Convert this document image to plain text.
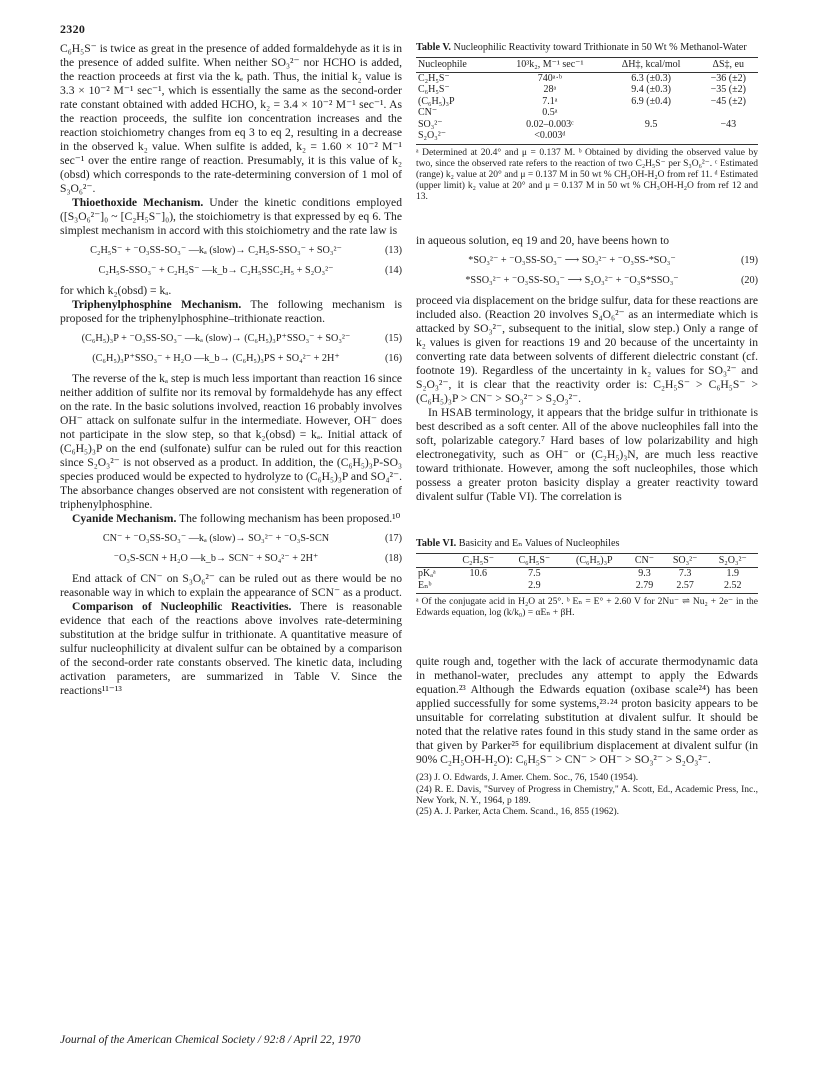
2320

C₆H₅S⁻ is twice as great in the presence of added formaldehyde as it is in the presence of added sulfite. When neither SO₃²⁻ nor HCHO is added, the reaction proceeds at first via the kₑ path. Thus, the initial k₂ value is 3.3 × 10⁻² M⁻¹ sec⁻¹, which is essentially the same as the second-order rate constant obtained with added HCHO, k₂ = 3.4 × 10⁻² M⁻¹ sec⁻¹. As the reaction proceeds, the sulfite ion concentration increases and the reaction stoichiometry changes from eq 3 to eq 2, resulting in a decrease in the observed k₂ value. When sulfite is added, k₂ = 1.60 × 10⁻² M⁻¹ sec⁻¹ over the entire range of reaction. Presumably, it is this value of k₂ (obsd) which corresponds to the rate-determining conversion of 1 mol of S₃O₆²⁻.

Thioethoxide Mechanism. Under the kinetic conditions employed ([S₃O₆²⁻]₀ ~ [C₂H₅S⁻]₀), the stoichiometry is that expressed by eq 6. The simplest mechanism in accord with this stoichiometry and the rate law is

C₂H₅S⁻ + ⁻O₃SS-SO₃⁻ —kₐ (slow)→ C₂H₅S-SSO₃⁻ + SO₃²⁻	(13)
C₂H₅S-SSO₃⁻ + C₂H₅S⁻ —k_b→ C₂H₅SSC₂H₅ + S₂O₃²⁻	(14)

for which k₂(obsd) = kₐ.

Triphenylphosphine Mechanism. The following mechanism is proposed for the triphenylphosphine–trithionate reaction.

(C₆H₅)₃P + ⁻O₃SS-SO₃⁻ —kₐ (slow)→ (C₆H₅)₃P⁺SSO₃⁻ + SO₃²⁻	(15)
(C₆H₅)₃P⁺SSO₃⁻ + H₂O —k_b→ (C₆H₅)₃PS + SO₄²⁻ + 2H⁺	(16)

The reverse of the kₐ step is much less important than reaction 16 since neither addition of sulfite nor its removal by formaldehyde has any effect on the rate. In the basic solutions involved, reaction 16 probably involves OH⁻ attack on sulfonate sulfur in the intermediate. However, OH⁻ does not participate in the slow step, so that k₂(obsd) = kₐ. Initial attack of (C₆H₅)₃P on the end (sulfonate) sulfur can be ruled out for this reaction since S₂O₃²⁻ is not observed as a product. In addition, the (C₆H₅)₃P-SO₃ species produced would be expected to hydrolyze to (C₆H₅)₃P and SO₄²⁻. The absorbance changes observed are not consistent with regeneration of triphenylphosphine.

Cyanide Mechanism. The following mechanism has been proposed.¹⁰

CN⁻ + ⁻O₃SS-SO₃⁻ —kₐ (slow)→ SO₃²⁻ + ⁻O₃S-SCN	(17)
⁻O₃S-SCN + H₂O —k_b→ SCN⁻ + SO₄²⁻ + 2H⁺	(18)

End attack of CN⁻ on S₃O₆²⁻ can be ruled out as there would be no reasonable way in which to explain the appearance of SCN⁻ as a product.

Comparison of Nucleophilic Reactivities. There is reasonable evidence that each of the reactions above involves rate-determining substitution at the bridge sulfur in trithionate. A quantitative measure of sulfur nucleophilicity at divalent sulfur can be obtained by a comparison of the second-order rate constants observed. The kinetic data, including activation parameters, are summarized in Table V. Since the reactions¹¹⁻¹³

Table V. Nucleophilic Reactivity toward Trithionate in 50 Wt % Methanol-Water
Nucleophile	10³k₂, M⁻¹ sec⁻¹	ΔH‡, kcal/mol	ΔS‡, eu
C₂H₅S⁻	740ᵃ·ᵇ	6.3 (±0.3)	−36 (±2)
C₆H₅S⁻	28ᵃ	9.4 (±0.3)	−35 (±2)
(C₆H₅)₃P	7.1ᵃ	6.9 (±0.4)	−45 (±2)
CN⁻	0.5ᵃ		
SO₃²⁻	0.02–0.003ᶜ	9.5	−43
S₂O₃²⁻	<0.003ᵈ		
ᵃ Determined at 20.4° and μ = 0.137 M. ᵇ Obtained by dividing the observed value by two, since the observed rate refers to the reaction of two C₂H₅S⁻ per S₃O₆²⁻. ᶜ Estimated (range) k₂ value at 20° and μ = 0.137 M in 50 wt % CH₃OH-H₂O from ref 11. ᵈ Estimated (upper limit) k₂ value at 20° and μ = 0.137 M in 50 wt % CH₃OH-H₂O from ref 12 and 13.

in aqueous solution, eq 19 and 20, have beens hown to

*SO₃²⁻ + ⁻O₃SS-SO₃⁻ ⟶ SO₃²⁻ + ⁻O₃SS-*SO₃⁻	(19)
*SSO₃²⁻ + ⁻O₃SS-SO₃⁻ ⟶ S₂O₃²⁻ + ⁻O₃S*SSO₃⁻	(20)

proceed via displacement on the bridge sulfur, data for these reactions are included also. (Reaction 20 involves S₄O₆²⁻ as an intermediate which is attacked by SO₃²⁻, subsequent to the initial, slow step.) Only a range of k₂ values is given for reactions 19 and 20 because of the uncertainty in converting rate data between solvents of different dielectric constant (cf. footnote 19). Regardless of the uncertainty in k₂ values for SO₃²⁻ and S₂O₃²⁻, it is clear that the reactivity order is: C₂H₅S⁻ > C₆H₅S⁻ > (C₆H₅)₃P > CN⁻ > SO₃²⁻ > S₂O₃²⁻.

In HSAB terminology, it appears that the bridge sulfur in trithionate is best described as a soft center. All of the above nucleophiles fall into the soft, polarizable category.⁷ Hard bases of low polarizability and high electronegativity, such as OH⁻ or (C₂H₅)₃N, are much less reactive toward trithionate. However, among the soft nucleophiles, those which possess a greater proton basicity display a greater reactivity toward divalent sulfur (Table VI). The correlation is

Table VI. Basicity and Eₙ Values of Nucleophiles
	C₂H₅S⁻	C₆H₅S⁻	(C₆H₅)₃P	CN⁻	SO₃²⁻	S₂O₃²⁻
pKₐᵃ	10.6	7.5		9.3	7.3	1.9
Eₙᵇ		2.9		2.79	2.57	2.52
ᵃ Of the conjugate acid in H₂O at 25°. ᵇ Eₙ = E° + 2.60 V for 2Nu⁻ ⇌ Nu₂ + 2e⁻ in the Edwards equation, log (k/k₀) = αEₙ + βH.

quite rough and, together with the lack of accurate thermodynamic data in methanol-water, precludes any attempt to apply the Edwards equation.²³ Although the Edwards equation (oxibase scale²⁴) has been applied successfully for some systems,²³·²⁴ proton basicity appears to be unsuitable for correlating substitution at divalent sulfur. It should be noted that the relative rates found in this study stand in the same order as that given by Parker²⁵ for equilibrium displacement at divalent sulfur (in 90% C₂H₅OH-H₂O): C₆H₅S⁻ > CN⁻ > OH⁻ > SO₃²⁻ > S₂O₃²⁻.

(23) J. O. Edwards, J. Amer. Chem. Soc., 76, 1540 (1954).

(24) R. E. Davis, "Survey of Progress in Chemistry," A. Scott, Ed., Academic Press, Inc., New York, N. Y., 1964, p 189.

(25) A. J. Parker, Acta Chem. Scand., 16, 855 (1962).

Journal of the American Chemical Society / 92:8 / April 22, 1970
